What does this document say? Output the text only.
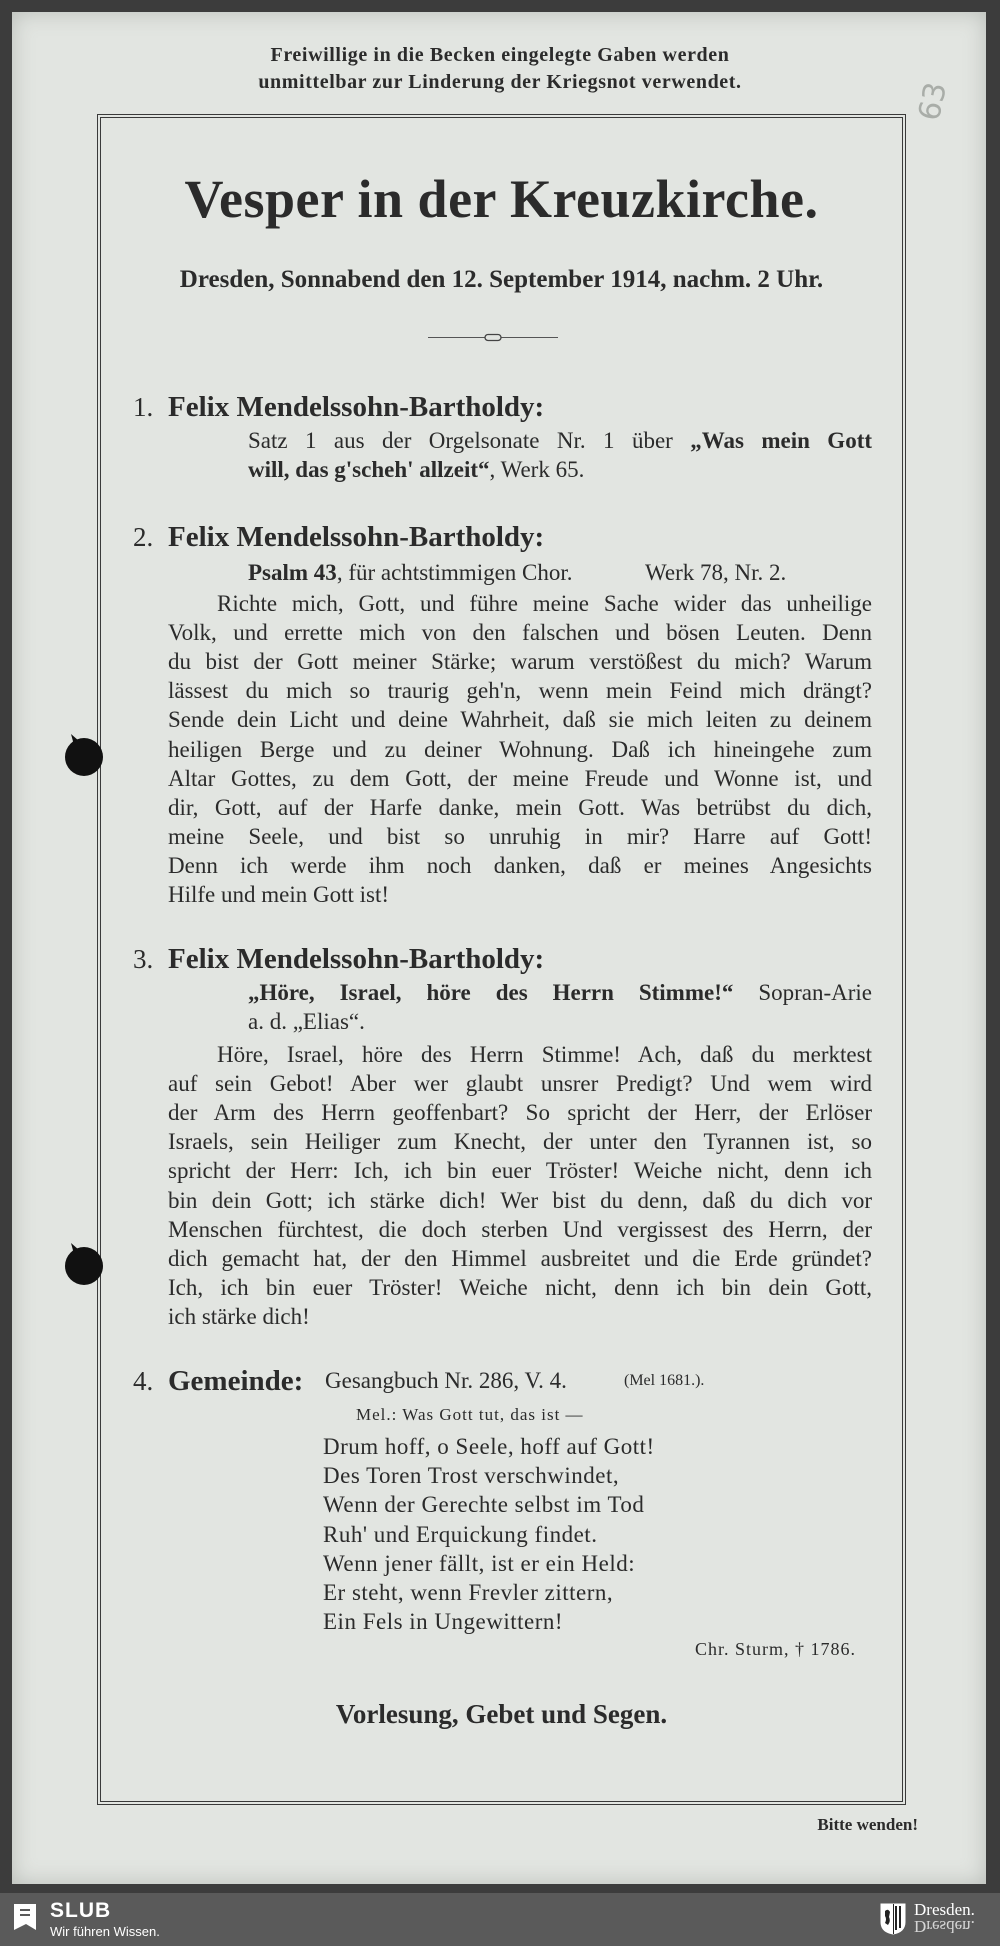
Freiwillige in die Becken eingelegte Gaben werden
unmittelbar zur Linderung der Kriegsnot verwendet.	63
Vesper in der Kreuzkirche.
Dresden, Sonnabend den 12. September 1914, nachm. 2 Uhr.
1. Felix Mendelssohn-Bartholdy:
Satz 1 aus der Orgelsonate Nr. 1 über „Was mein Gott
will, das g'scheh' allzeit“, Werk 65.
2. Felix Mendelssohn-Bartholdy:
Psalm 43, für achtstimmigen Chor.	Werk 78, Nr. 2.
Richte mich, Gott, und führe meine Sache wider das unheilige
Volk, und errette mich von den falschen und bösen Leuten. Denn
du bist der Gott meiner Stärke; warum verstößest du mich? Warum
lässest du mich so traurig geh'n, wenn mein Feind mich drängt?
Sende dein Licht und deine Wahrheit, daß sie mich leiten zu deinem
heiligen Berge und zu deiner Wohnung. Daß ich hineingehe zum
Altar Gottes, zu dem Gott, der meine Freude und Wonne ist, und
dir, Gott, auf der Harfe danke, mein Gott. Was betrübst du dich,
meine Seele, und bist so unruhig in mir? Harre auf Gott!
Denn ich werde ihm noch danken, daß er meines Angesichts
Hilfe und mein Gott ist!
3. Felix Mendelssohn-Bartholdy:
„Höre, Israel, höre des Herrn Stimme!“ Sopran-Arie
a. d. „Elias“.
Höre, Israel, höre des Herrn Stimme! Ach, daß du merktest
auf sein Gebot! Aber wer glaubt unsrer Predigt? Und wem wird
der Arm des Herrn geoffenbart? So spricht der Herr, der Erlöser
Israels, sein Heiliger zum Knecht, der unter den Tyrannen ist, so
spricht der Herr: Ich, ich bin euer Tröster! Weiche nicht, denn ich
bin dein Gott; ich stärke dich! Wer bist du denn, daß du dich vor
Menschen fürchtest, die doch sterben Und vergissest des Herrn, der
dich gemacht hat, der den Himmel ausbreitet und die Erde gründet?
Ich, ich bin euer Tröster! Weiche nicht, denn ich bin dein Gott,
ich stärke dich!
4. Gemeinde: Gesangbuch Nr. 286, V. 4.	(Mel 1681.).
Mel.: Was Gott tut, das ist —
Drum hoff, o Seele, hoff auf Gott!
Des Toren Trost verschwindet,
Wenn der Gerechte selbst im Tod
Ruh' und Erquickung findet.
Wenn jener fällt, ist er ein Held:
Er steht, wenn Frevler zittern,
Ein Fels in Ungewittern!
Chr. Sturm, † 1786.
Vorlesung, Gebet und Segen.
Bitte wenden!
SLUB
Wir führen Wissen.
Dresden.
Dresden.
